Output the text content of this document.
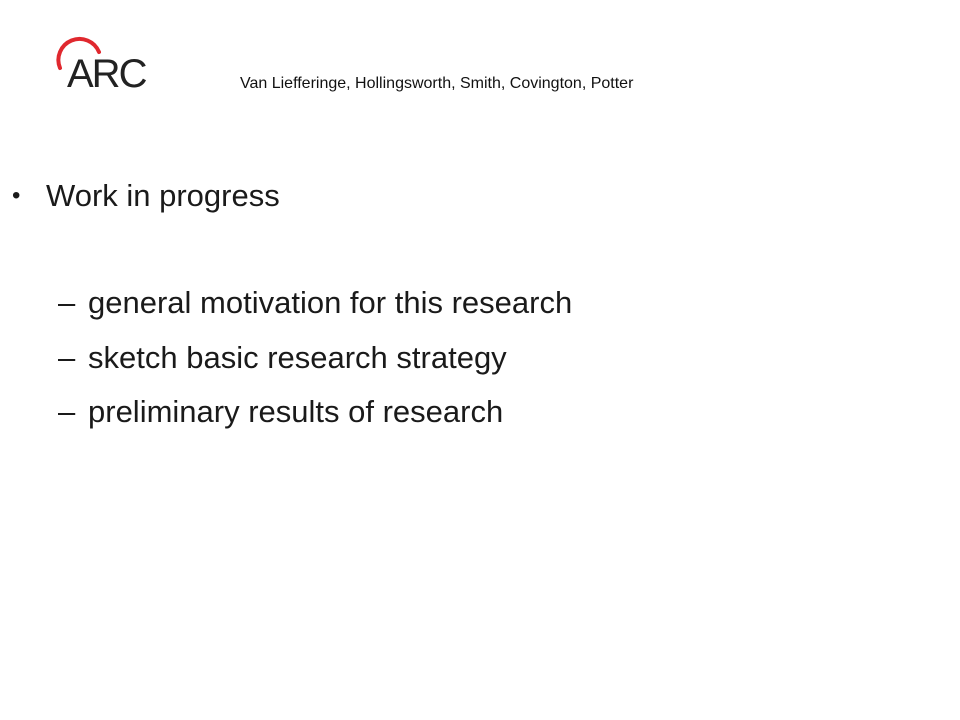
ARC	Van Liefferinge, Hollingsworth, Smith, Covington, Potter
• Work in progress
– general motivation for this research
– sketch basic research strategy
– preliminary results of research
